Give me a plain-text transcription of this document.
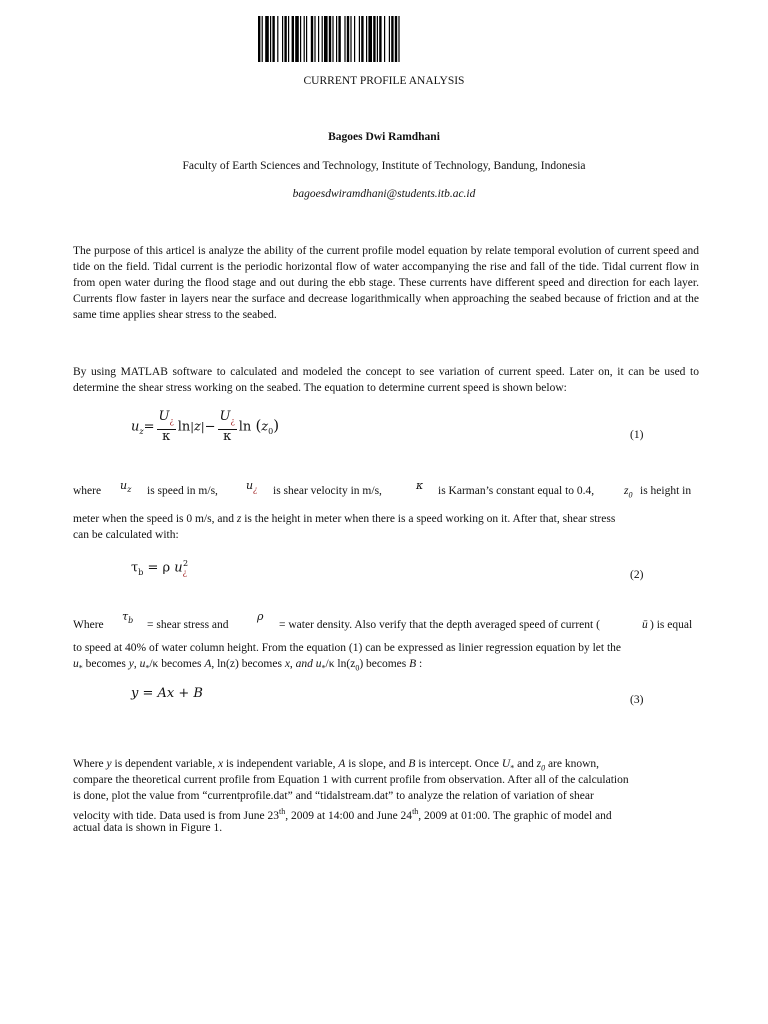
CURRENT PROFILE ANALYSIS
Bagoes Dwi Ramdhani
Faculty of Earth Sciences and Technology, Institute of Technology, Bandung, Indonesia
bagoesdwiramdhani@students.itb.ac.id
The purpose of this articel is analyze the ability of the current profile model equation by relate temporal evolution of current speed and tide on the field. Tidal current is the periodic horizontal flow of water accompanying the rise and fall of the tide. Tidal current flow in from open water during the flood stage and out during the ebb stage. These currents have different speed and direction for each layer. Currents flow faster in layers near the surface and decrease logarithmically when approaching the seabed because of friction and at the same time applies shear stress to the seabed.
By using MATLAB software to calculated and modeled the concept to see variation of current speed. Later on, it can be used to determine the shear stress working on the seabed. The equation to determine current speed is shown below:
$u_z= \frac{U_¿}{\kappa} \ln|z|- \frac{U_¿}{\kappa}$ $\ln (z_0)$
(1)
where	$u_z$ is speed in m/s,	$u_¿$ is shear velocity in m/s,	κ is Karman’s constant equal to 0.4,	$z_0$ is height in
meter when the speed is 0 m/s, and z is the height in meter when there is a speed working on it. After that, shear stress
can be calculated with:
$\tau_b = \rho$ $u_¿^2$
(2)
Where
$\tau_b$ = shear stress and
ρ
= water density. Also verify that the depth averaged speed of current (	ū ) is equal
to speed at 40% of water column height. From the equation (1) can be expressed as linier regression equation by let the
$u_*$ becomes y, $u_*/\kappa$ becomes A, ln(z) becomes x, and $u_*/\kappa$ $\ln(z_0)$ becomes B :
y = Ax + B	(3)
Where y is dependent variable, x is independent variable, A is slope, and B is intercept. Once $U_*$ and $z_0$ are known,
compare the theoretical current profile from Equation 1 with current profile from observation. After all of the calculation
is done, plot the value from “currentprofile.dat” and “tidalstream.dat” to analyze the relation of variation of shear
velocity with tide. Data used is from June 23th, 2009 at 14:00 and June 24th, 2009 at 01:00. The graphic of model and
actual data is shown in Figure 1.
